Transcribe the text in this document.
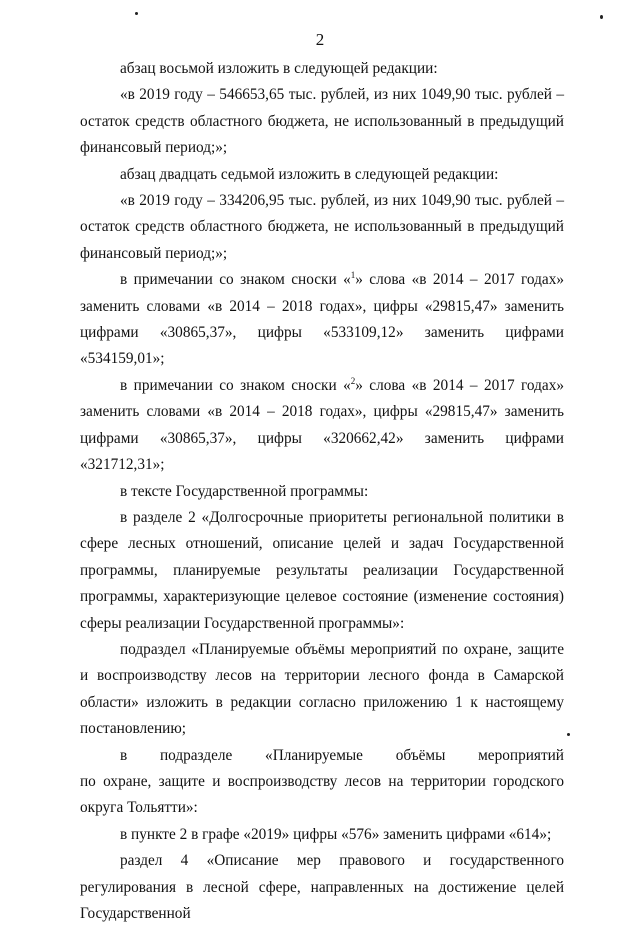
2

абзац восьмой изложить в следующей редакции:

«в 2019 году – 546653,65 тыс. рублей, из них 1049,90 тыс. рублей – остаток средств областного бюджета, не использованный в предыдущий финансовый период;»;

абзац двадцать седьмой изложить в следующей редакции:

«в 2019 году – 334206,95 тыс. рублей, из них 1049,90 тыс. рублей – остаток средств областного бюджета, не использованный в предыдущий финансовый период;»;

в примечании со знаком сноски «$^1$» слова «в 2014 – 2017 годах» заменить словами «в 2014 – 2018 годах», цифры «29815,47» заменить цифрами «30865,37», цифры «533109,12» заменить цифрами «534159,01»;

в примечании со знаком сноски «$^2$» слова «в 2014 – 2017 годах» заменить словами «в 2014 – 2018 годах», цифры «29815,47» заменить цифрами «30865,37», цифры «320662,42» заменить цифрами «321712,31»;

в тексте Государственной программы:

в разделе 2 «Долгосрочные приоритеты региональной политики в сфере лесных отношений, описание целей и задач Государственной программы, планируемые результаты реализации Государственной программы, характеризующие целевое состояние (изменение состояния) сферы реализации Государственной программы»:

подраздел «Планируемые объёмы мероприятий по охране, защите и воспроизводству лесов на территории лесного фонда в Самарской области» изложить в редакции согласно приложению 1 к настоящему постановлению;

в подразделе «Планируемые объёмы мероприятий

по охране, защите и воспроизводству лесов на территории городского округа Тольятти»:

в пункте 2 в графе «2019» цифры «576» заменить цифрами «614»;

раздел 4 «Описание мер правового и государственного регулирования в лесной сфере, направленных на достижение целей Государственной
